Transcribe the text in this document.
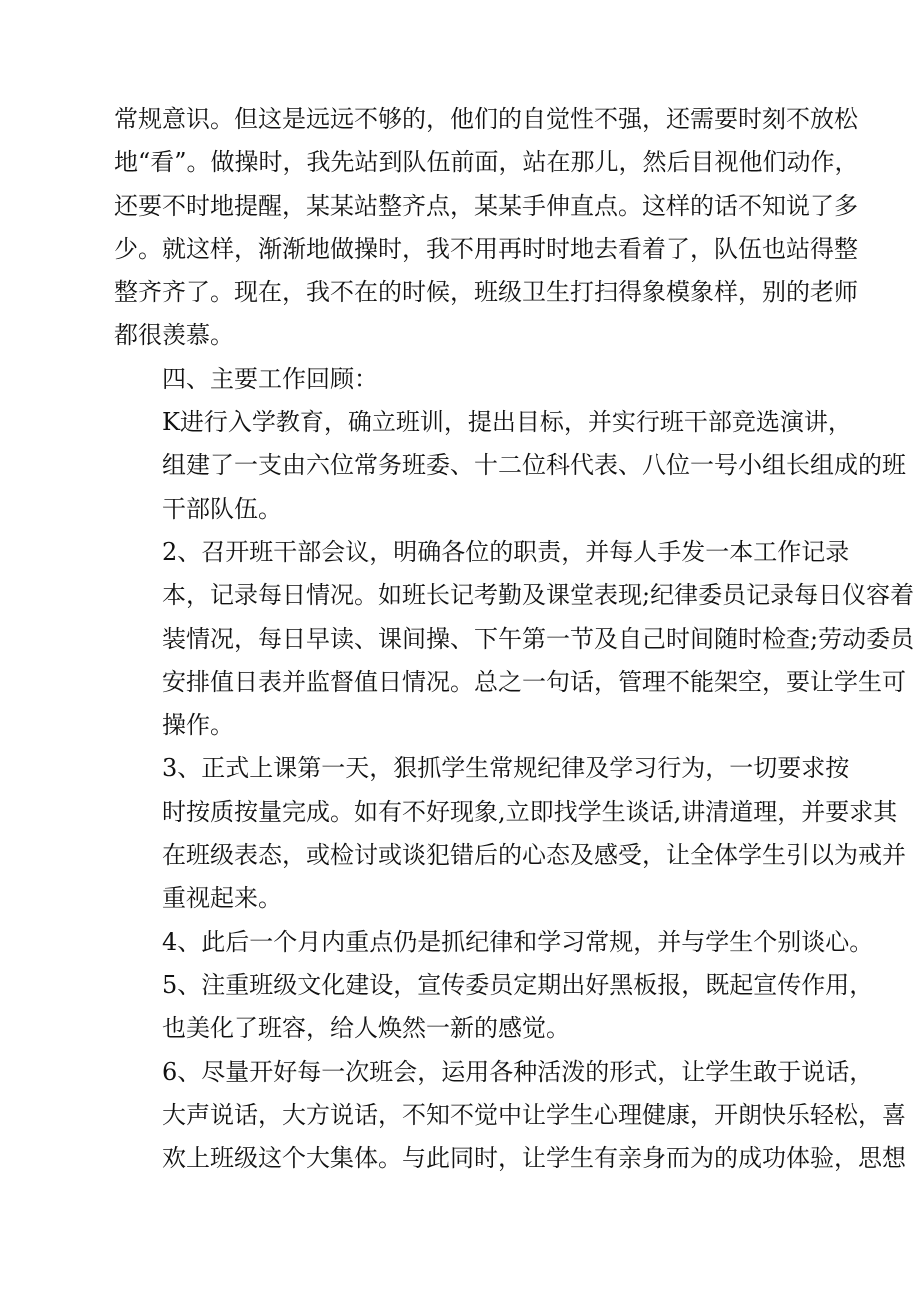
常规意识。但这是远远不够的，他们的自觉性不强，还需要时刻不放松
地“看”。做操时，我先站到队伍前面，站在那儿，然后目视他们动作，
还要不时地提醒，某某站整齐点，某某手伸直点。这样的话不知说了多
少。就这样，渐渐地做操时，我不用再时时地去看着了，队伍也站得整
整齐齐了。现在，我不在的时候，班级卫生打扫得象模象样，别的老师
都很羡慕。

四、主要工作回顾：

K进行入学教育，确立班训，提出目标，并实行班干部竞选演讲，
组建了一支由六位常务班委、十二位科代表、八位一号小组长组成的班
干部队伍。

2、召开班干部会议，明确各位的职责，并每人手发一本工作记录
本，记录每日情况。如班长记考勤及课堂表现;纪律委员记录每日仪容着
装情况，每日早读、课间操、下午第一节及自己时间随时检查;劳动委员
安排值日表并监督值日情况。总之一句话，管理不能架空，要让学生可
操作。

3、正式上课第一天，狠抓学生常规纪律及学习行为，一切要求按
时按质按量完成。如有不好现象,立即找学生谈话,讲清道理，并要求其
在班级表态，或检讨或谈犯错后的心态及感受，让全体学生引以为戒并
重视起来。

4、此后一个月内重点仍是抓纪律和学习常规，并与学生个别谈心。

5、注重班级文化建设，宣传委员定期出好黑板报，既起宣传作用，
也美化了班容，给人焕然一新的感觉。

6、尽量开好每一次班会，运用各种活泼的形式，让学生敢于说话，
大声说话，大方说话，不知不觉中让学生心理健康，开朗快乐轻松，喜
欢上班级这个大集体。与此同时，让学生有亲身而为的成功体验，思想
